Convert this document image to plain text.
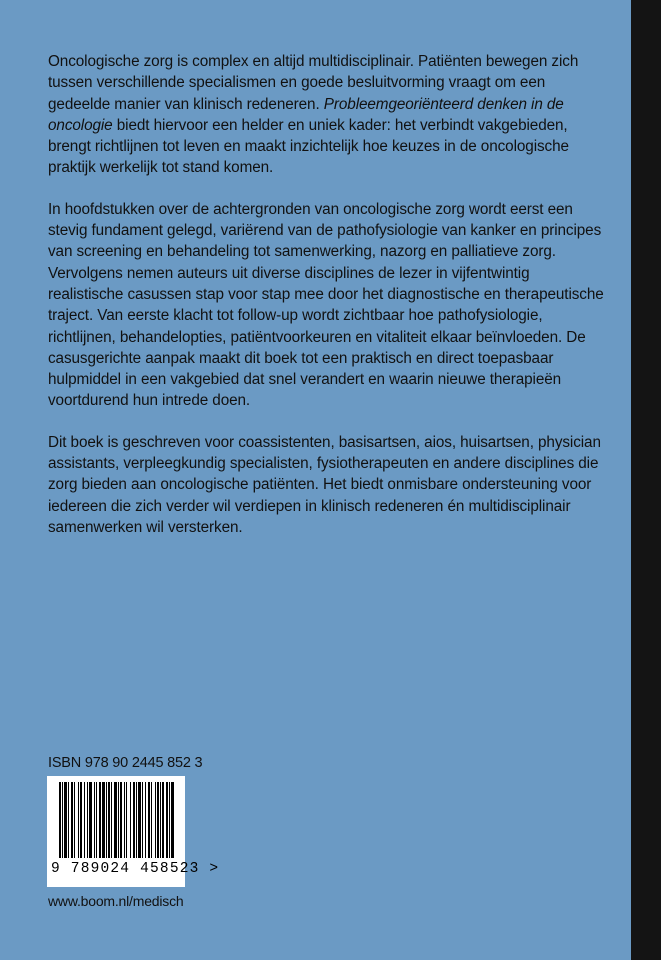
Oncologische zorg is complex en altijd multidisciplinair. Patiënten bewegen zich tussen verschillende specialismen en goede besluitvorming vraagt om een gedeelde manier van klinisch redeneren. Probleemgeoriënteerd denken in de oncologie biedt hiervoor een helder en uniek kader: het verbindt vakgebieden, brengt richtlijnen tot leven en maakt inzichtelijk hoe keuzes in de oncologische praktijk werkelijk tot stand komen.

In hoofdstukken over de achtergronden van oncologische zorg wordt eerst een stevig fundament gelegd, variërend van de pathofysiologie van kanker en principes van screening en behandeling tot samenwerking, nazorg en palliatieve zorg. Vervolgens nemen auteurs uit diverse disciplines de lezer in vijfentwintig realistische casussen stap voor stap mee door het diagnostische en therapeutische traject. Van eerste klacht tot follow-up wordt zichtbaar hoe pathofysiologie, richtlijnen, behandelopties, patiëntvoorkeuren en vitaliteit elkaar beïnvloeden. De casusgerichte aanpak maakt dit boek tot een praktisch en direct toepasbaar hulpmiddel in een vakgebied dat snel verandert en waarin nieuwe therapieën voortdurend hun intrede doen.

Dit boek is geschreven voor coassistenten, basisartsen, aios, huisartsen, physician assistants, verpleegkundig specialisten, fysiotherapeuten en andere disciplines die zorg bieden aan oncologische patiënten. Het biedt onmisbare ondersteuning voor iedereen die zich verder wil verdiepen in klinisch redeneren én multidisciplinair samenwerken wil versterken.

ISBN 978 90 2445 852 3
9 789024 458523 >
www.boom.nl/medisch
